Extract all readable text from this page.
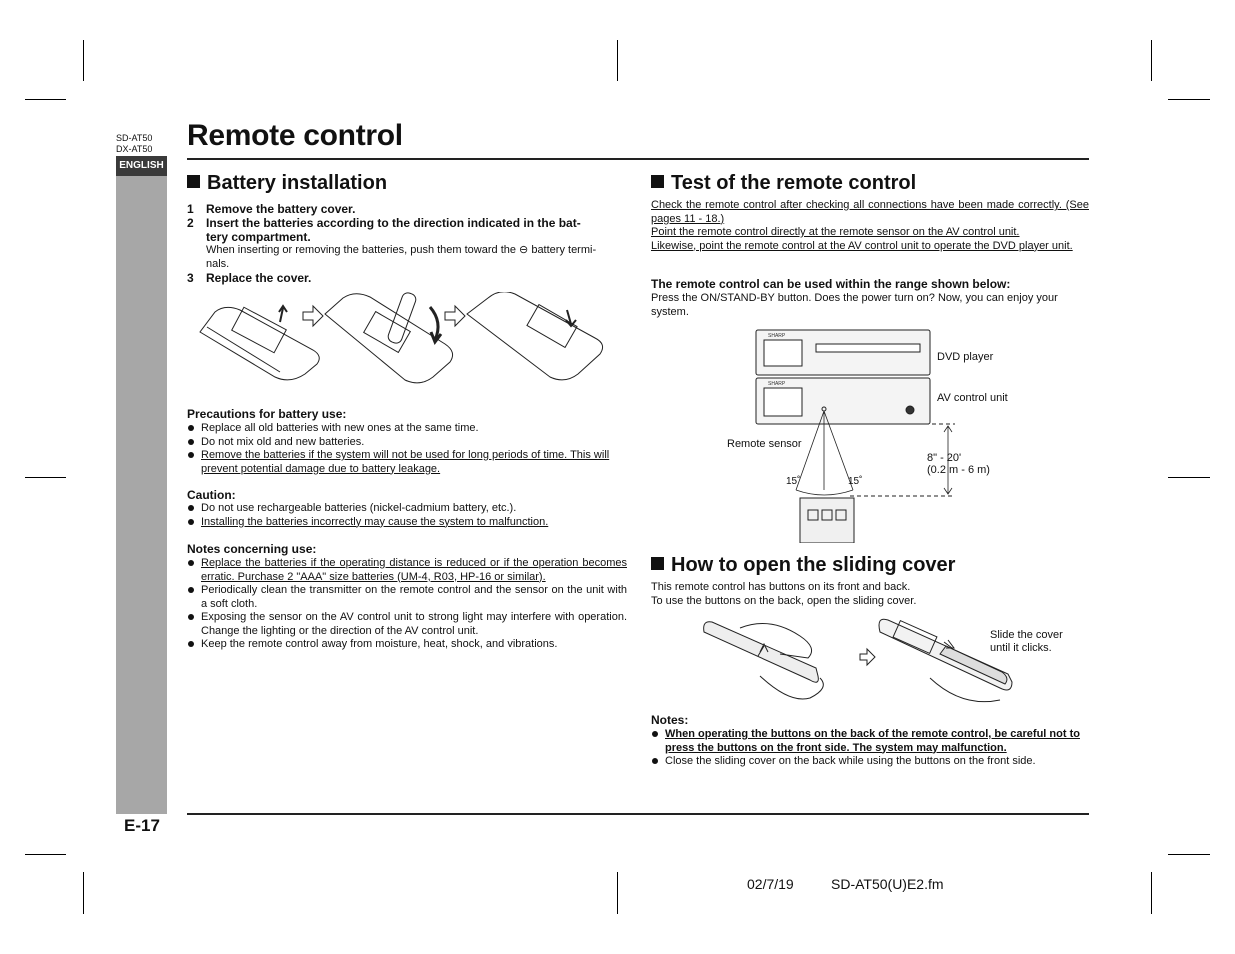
ENGLISH
SD-AT50
DX-AT50 Remote control
Battery installation
1 Remove the battery cover.
2 Insert the batteries according to the direction indicated in the bat-
tery compartment.
When inserting or removing the batteries, push them toward the ⊖ battery termi-
nals.
3 Replace the cover.
Precautions for battery use:
Replace all old batteries with new ones at the same time.
Do not mix old and new batteries.
Remove the batteries if the system will not be used for long periods of time. This will prevent potential damage due to battery leakage.
Caution:
Do not use rechargeable batteries (nickel-cadmium battery, etc.).
Installing the batteries incorrectly may cause the system to malfunction.
Notes concerning use:
Replace the batteries if the operating distance is reduced or if the operation becomes erratic. Purchase 2 "AAA" size batteries (UM-4, R03, HP-16 or similar).
Periodically clean the transmitter on the remote control and the sensor on the unit with a soft cloth.
Exposing the sensor on the AV control unit to strong light may interfere with operation. Change the lighting or the direction of the AV control unit.
Keep the remote control away from moisture, heat, shock, and vibrations.
Test of the remote control
Check the remote control after checking all connections have been made correctly. (See pages 11 - 18.)
Point the remote control directly at the remote sensor on the AV control unit.
Likewise, point the remote control at the AV control unit to operate the DVD player unit.
The remote control can be used within the range shown below:
Press the ON/STAND-BY button. Does the power turn on? Now, you can enjoy your system.
SHARP
SHARP
DVD player
AV control unit
Remote sensor
8" - 20'
(0.2 m - 6 m)
15˚	15˚
How to open the sliding cover
This remote control has buttons on its front and back.
To use the buttons on the back, open the sliding cover.
Slide the cover
until it clicks.
Notes:
When operating the buttons on the back of the remote control, be careful not to press the buttons on the front side. The system may malfunction.
Close the sliding cover on the back while using the buttons on the front side.
E-17
02/7/19	SD-AT50(U)E2.fm
